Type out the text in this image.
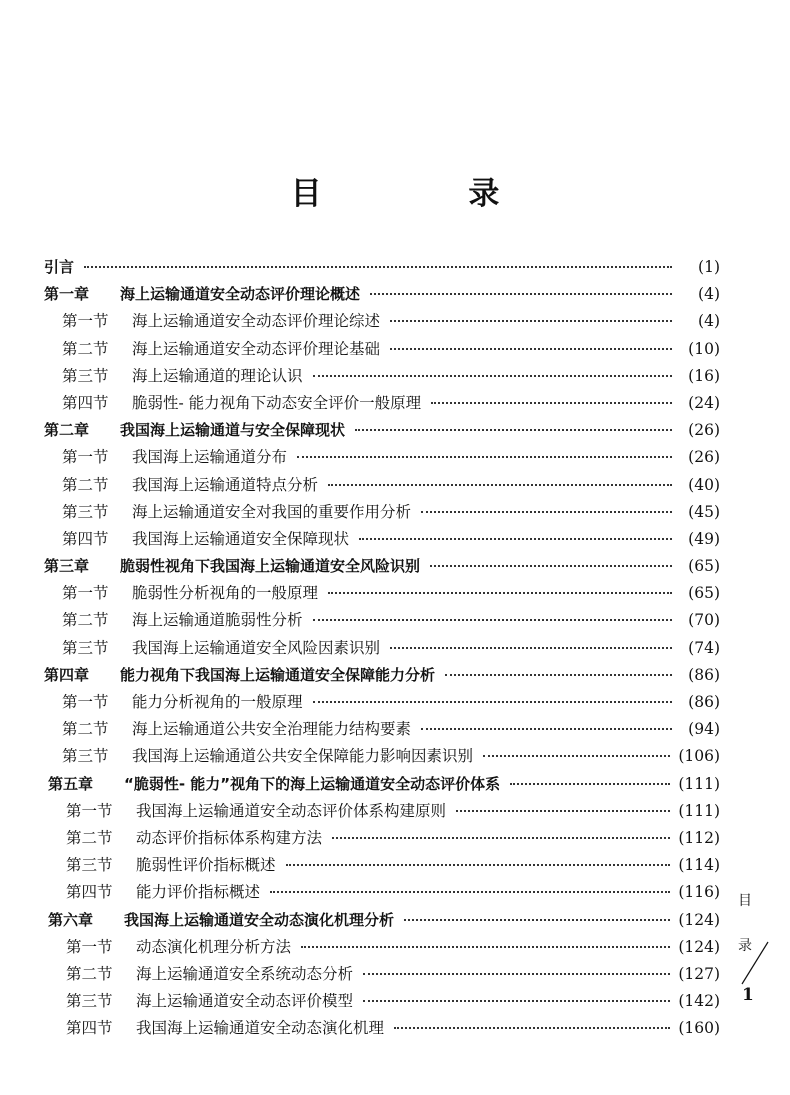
目 录
引言	(1)
第一章 海上运输通道安全动态评价理论概述	(4)
第一节 海上运输通道安全动态评价理论综述	(4)
第二节 海上运输通道安全动态评价理论基础	(10)
第三节 海上运输通道的理论认识	(16)
第四节 脆弱性- 能力视角下动态安全评价一般原理	(24)
第二章 我国海上运输通道与安全保障现状	(26)
第一节 我国海上运输通道分布	(26)
第二节 我国海上运输通道特点分析	(40)
第三节 海上运输通道安全对我国的重要作用分析	(45)
第四节 我国海上运输通道安全保障现状	(49)
第三章 脆弱性视角下我国海上运输通道安全风险识别	(65)
第一节 脆弱性分析视角的一般原理	(65)
第二节 海上运输通道脆弱性分析	(70)
第三节 我国海上运输通道安全风险因素识别	(74)
第四章 能力视角下我国海上运输通道安全保障能力分析	(86)
第一节 能力分析视角的一般原理	(86)
第二节 海上运输通道公共安全治理能力结构要素	(94)
第三节 我国海上运输通道公共安全保障能力影响因素识别	(106)
第五章 “脆弱性- 能力”视角下的海上运输通道安全动态评价体系	(111)
第一节 我国海上运输通道安全动态评价体系构建原则	(111)
第二节 动态评价指标体系构建方法	(112)
第三节 脆弱性评价指标概述	(114)
第四节 能力评价指标概述	(116)
第六章 我国海上运输通道安全动态演化机理分析	(124)
第一节 动态演化机理分析方法	(124)
第二节 海上运输通道安全系统动态分析	(127)
第三节 海上运输通道安全动态评价模型	(142)
第四节 我国海上运输通道安全动态演化机理	(160)
目
录
1
